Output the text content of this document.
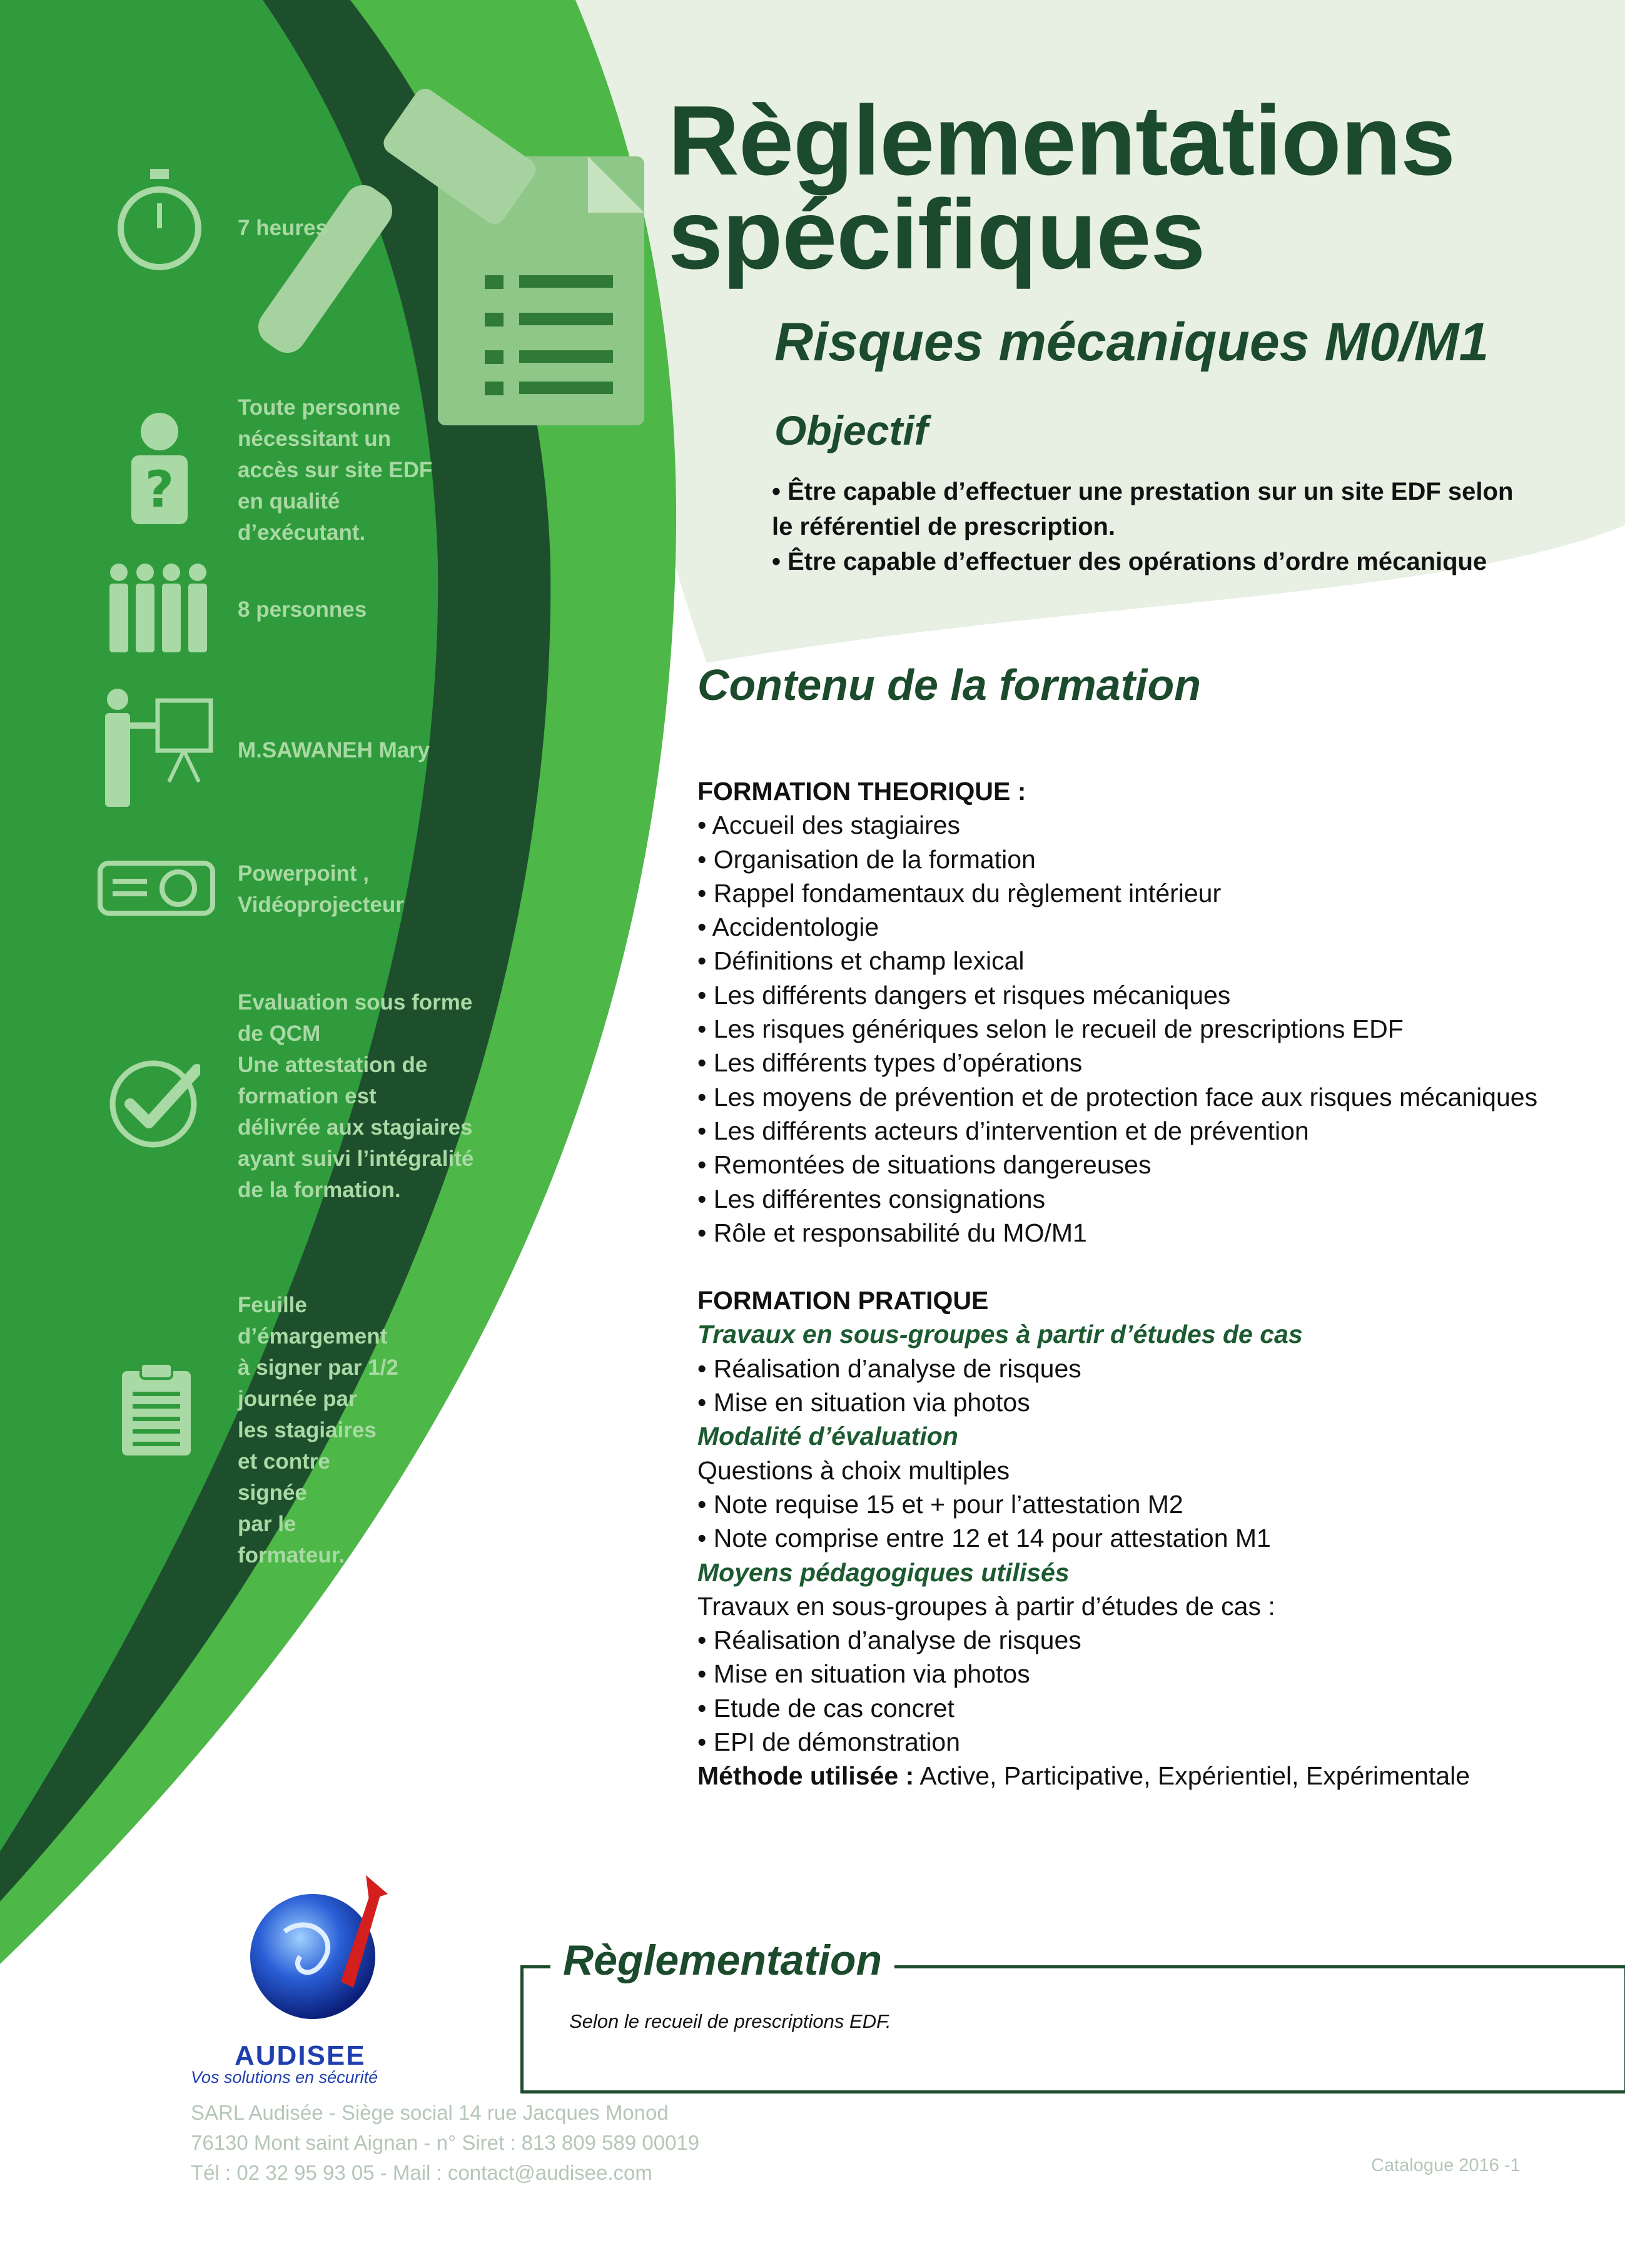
?
7 heures
Toute personne
nécessitant un
accès sur site EDF
en qualité
d’exécutant.
8 personnes
M.SAWANEH Mary
Powerpoint ,
Vidéoprojecteur
Evaluation sous forme
de QCM
Une attestation de
formation est
délivrée aux stagiaires
ayant suivi l’intégralité
de la formation.
Feuille
d’émargement
à signer par 1/2
journée par
les stagiaires
et contre
signée
par le
formateur.
Règlementations
spécifiques
Risques mécaniques M0/M1
Objectif
• Être capable d’effectuer une prestation sur un site EDF selon
le référentiel de prescription.
• Être capable d’effectuer des opérations d’ordre mécanique
Contenu de la formation
FORMATION THEORIQUE :
• Accueil des stagiaires
• Organisation de la formation
• Rappel fondamentaux du règlement intérieur
• Accidentologie
• Définitions et champ lexical
• Les différents dangers et risques mécaniques
• Les risques génériques selon le recueil de prescriptions EDF
• Les différents types d’opérations
• Les moyens de prévention et de protection face aux risques mécaniques
• Les différents acteurs d’intervention et de prévention
• Remontées de situations dangereuses
• Les différentes consignations
• Rôle et responsabilité du MO/M1
FORMATION PRATIQUE
Travaux en sous-groupes à partir d’études de cas
• Réalisation d’analyse de risques
• Mise en situation via photos
Modalité d’évaluation
Questions à choix multiples
• Note requise 15 et + pour l’attestation M2
• Note comprise entre 12 et 14 pour attestation M1
Moyens pédagogiques utilisés
Travaux en sous-groupes à partir d’études de cas :
• Réalisation d’analyse de risques
• Mise en situation via photos
• Etude de cas concret
• EPI de démonstration
Méthode utilisée : Active, Participative, Expérientiel, Expérimentale
AUDISEE
Vos solutions en sécurité
Règlementation
Selon le recueil de prescriptions EDF.
SARL Audisée - Siège social 14 rue Jacques Monod
76130 Mont saint Aignan - n° Siret : 813 809 589 00019
Tél : 02 32 95 93 05 - Mail : contact@audisee.com	Catalogue 2016 -1
